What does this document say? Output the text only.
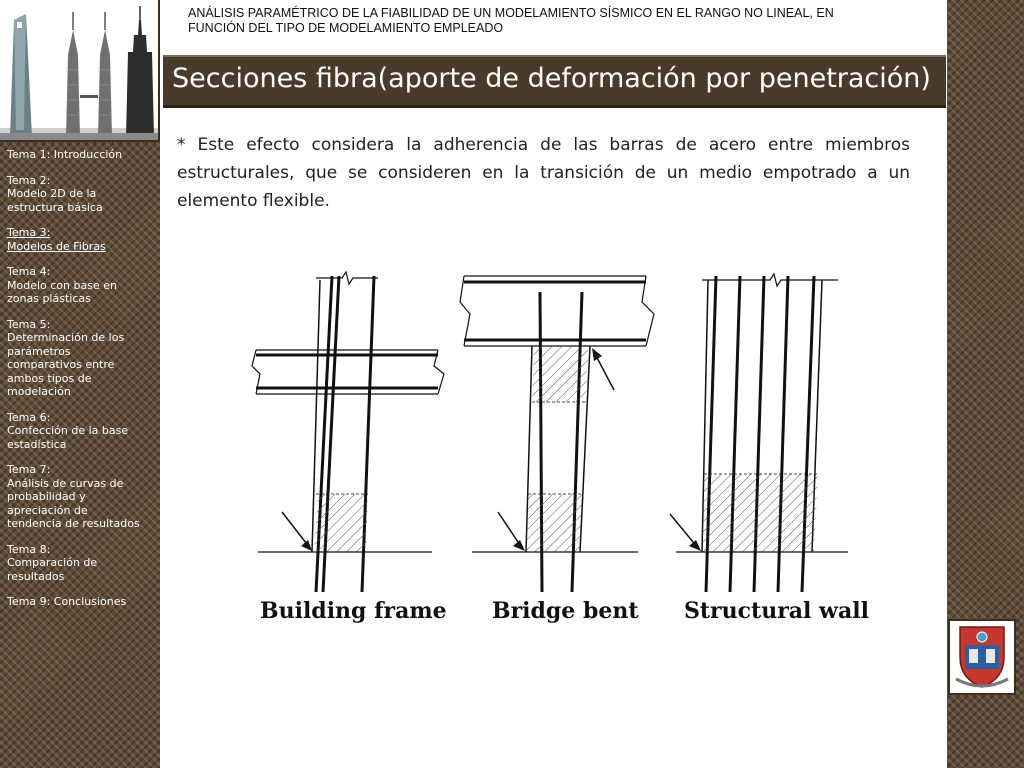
Tema 1: Introducción
Tema 2:
Modelo 2D de la
estructura básica
Tema 3:
Modelos de Fibras
Tema 4:
Modelo con base en
zonas plásticas
Tema 5:
Determinación de los
parámetros
comparativos entre
ambos tipos de
modelación
Tema 6:
Confección de la base
estadística
Tema 7:
Análisis de curvas de
probabilidad y
apreciación de
tendencia de resultados
Tema 8:
Comparación de
resultados
Tema 9: Conclusiones
ANÁLISIS PARAMÉTRICO DE LA FIABILIDAD DE UN MODELAMIENTO SÍSMICO EN EL RANGO NO LINEAL, EN
FUNCIÓN DEL TIPO DE MODELAMIENTO EMPLEADO
Secciones fibra(aporte de deformación por penetración)
* Este efecto considera la adherencia de las barras de acero entre miembros estructurales, que se consideren en la transición de un medio empotrado a un elemento flexible.
Building frame Bridge bent Structural wall
